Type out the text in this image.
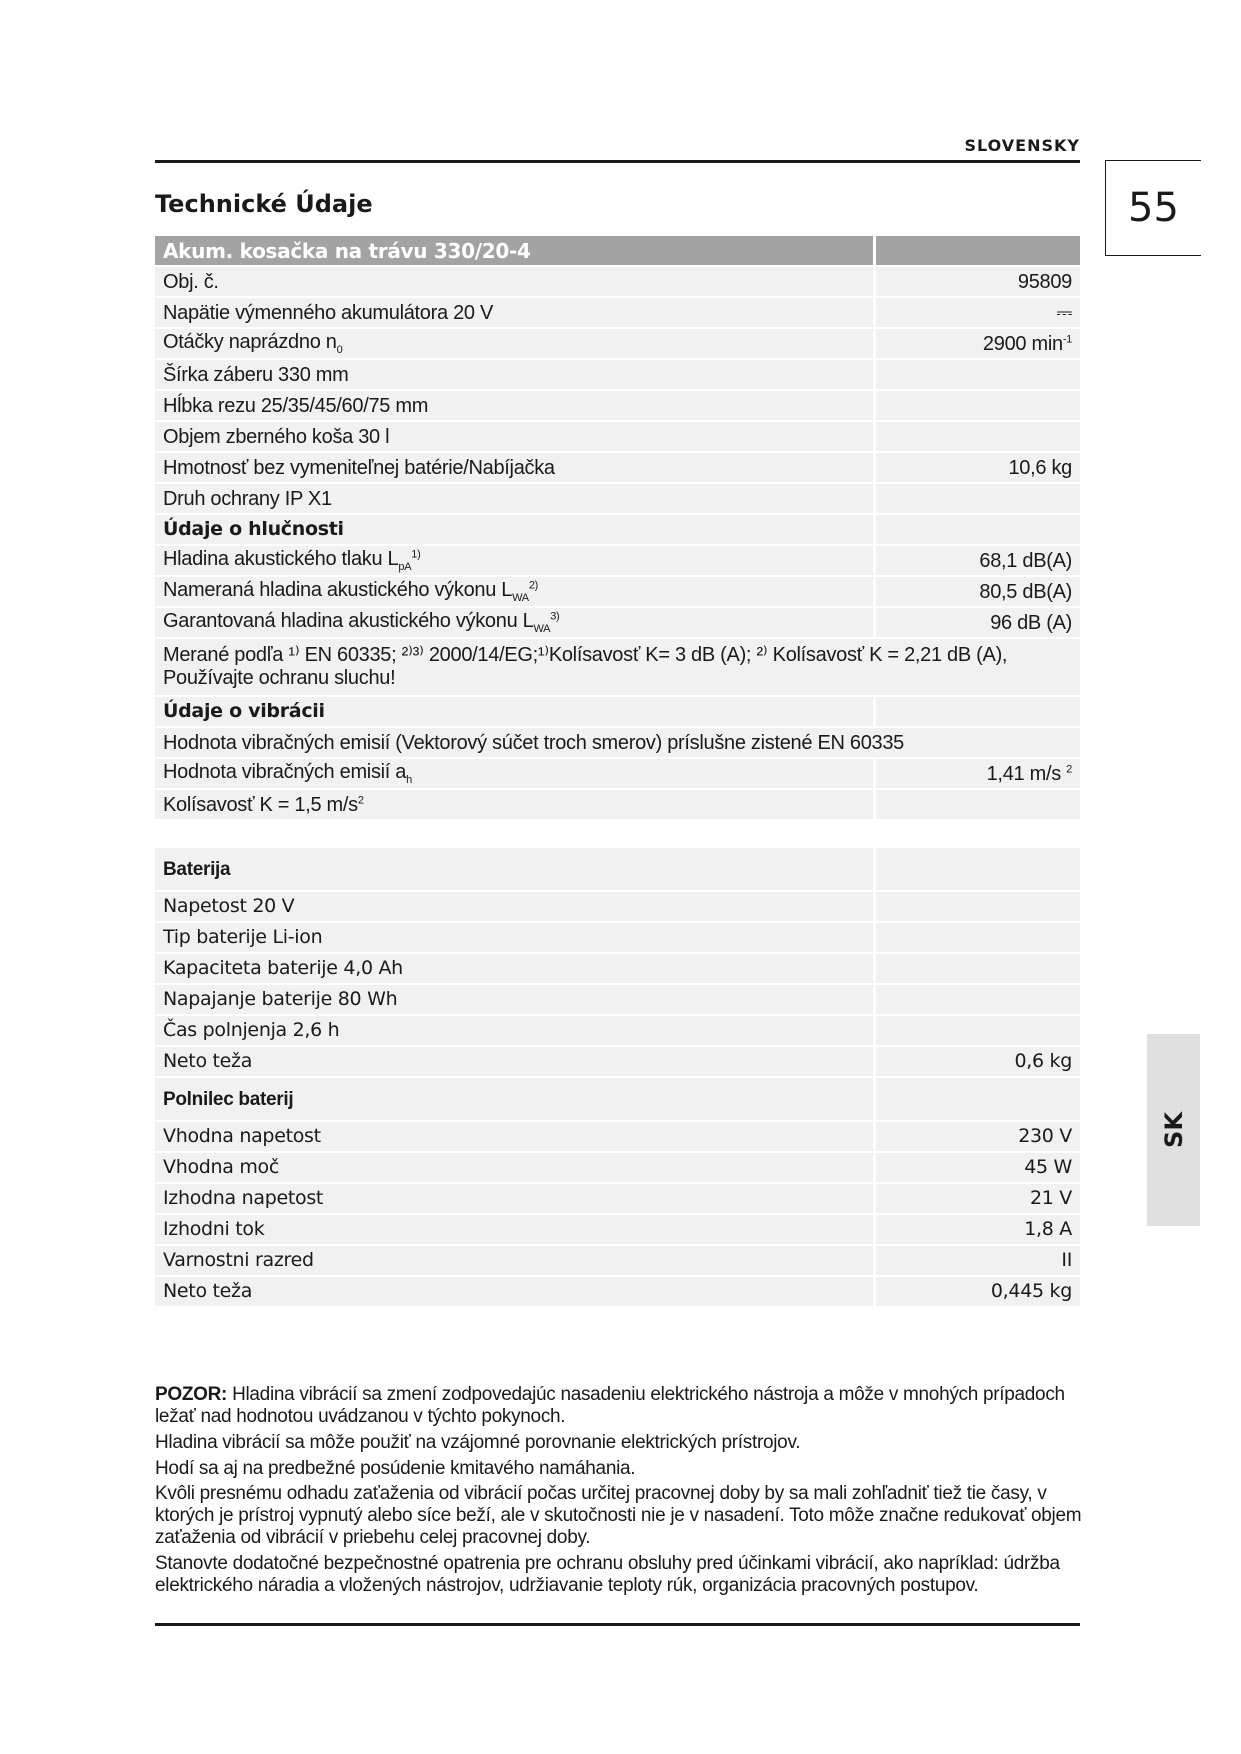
SLOVENSKY
55
Technické Údaje
Akum. kosačka na trávu 330/20-4	
Obj. č.	95809
Napätie výmenného akumulátora 20 V	⎓
Otáčky naprázdno $n_0$	2900 $\min^{-1}$
Šírka záberu 330 mm	
Hĺbka rezu 25/35/45/60/75 mm	
Objem zberného koša 30 l	
Hmotnosť bez vymeniteľnej batérie/Nabíjačka	10,6 kg
Druh ochrany IP X1	
Údaje o hlučnosti	
Hladina akustického tlaku $L_{pA}^{1)}$	68,1 dB(A)
Nameraná hladina akustického výkonu $L_{WA}^{2)}$	80,5 dB(A)
Garantovaná hladina akustického výkonu $L_{WA}^{3)}$	96 dB (A)
Merané podľa ¹⁾ EN 60335; ²⁾³⁾ 2000/14/EG;¹⁾Kolísavosť K= 3 dB (A); ²⁾ Kolísavosť K = 2,21 dB (A), Používajte ochranu sluchu!	
Údaje o vibrácii	
Hodnota vibračných emisií (Vektorový súčet troch smerov) príslušne zistené EN 60335	
Hodnota vibračných emisií $a_h$	1,41 m/s $^2$
Kolísavosť K = 1,5 $m/s^2$	
Baterija	
Napetost 20 V	
Tip baterije Li-ion	
Kapaciteta baterije 4,0 Ah	
Napajanje baterije 80 Wh	
Čas polnjenja 2,6 h	
Neto teža	0,6 kg
Polnilec baterij	
Vhodna napetost	230 V
Vhodna moč	45 W
Izhodna napetost	21 V
Izhodni tok	1,8 A
Varnostni razred	II
Neto teža	0,445 kg
SK

POZOR: Hladina vibrácií sa zmení zodpovedajúc nasadeniu elektrického nástroja a môže v mnohých prípadoch ležať nad hodnotou uvádzanou v týchto pokynoch.

Hladina vibrácií sa môže použiť na vzájomné porovnanie elektrických prístrojov.

Hodí sa aj na predbežné posúdenie kmitavého namáhania.

Kvôli presnému odhadu zaťaženia od vibrácií počas určitej pracovnej doby by sa mali zohľadniť tiež tie časy, v ktorých je prístroj vypnutý alebo síce beží, ale v skutočnosti nie je v nasadení. Toto môže značne redukovať objem zaťaženia od vibrácií v priebehu celej pracovnej doby.

Stanovte dodatočné bezpečnostné opatrenia pre ochranu obsluhy pred účinkami vibrácií, ako napríklad: údržba elektrického náradia a vložených nástrojov, udržiavanie teploty rúk, organizácia pracovných postupov.
